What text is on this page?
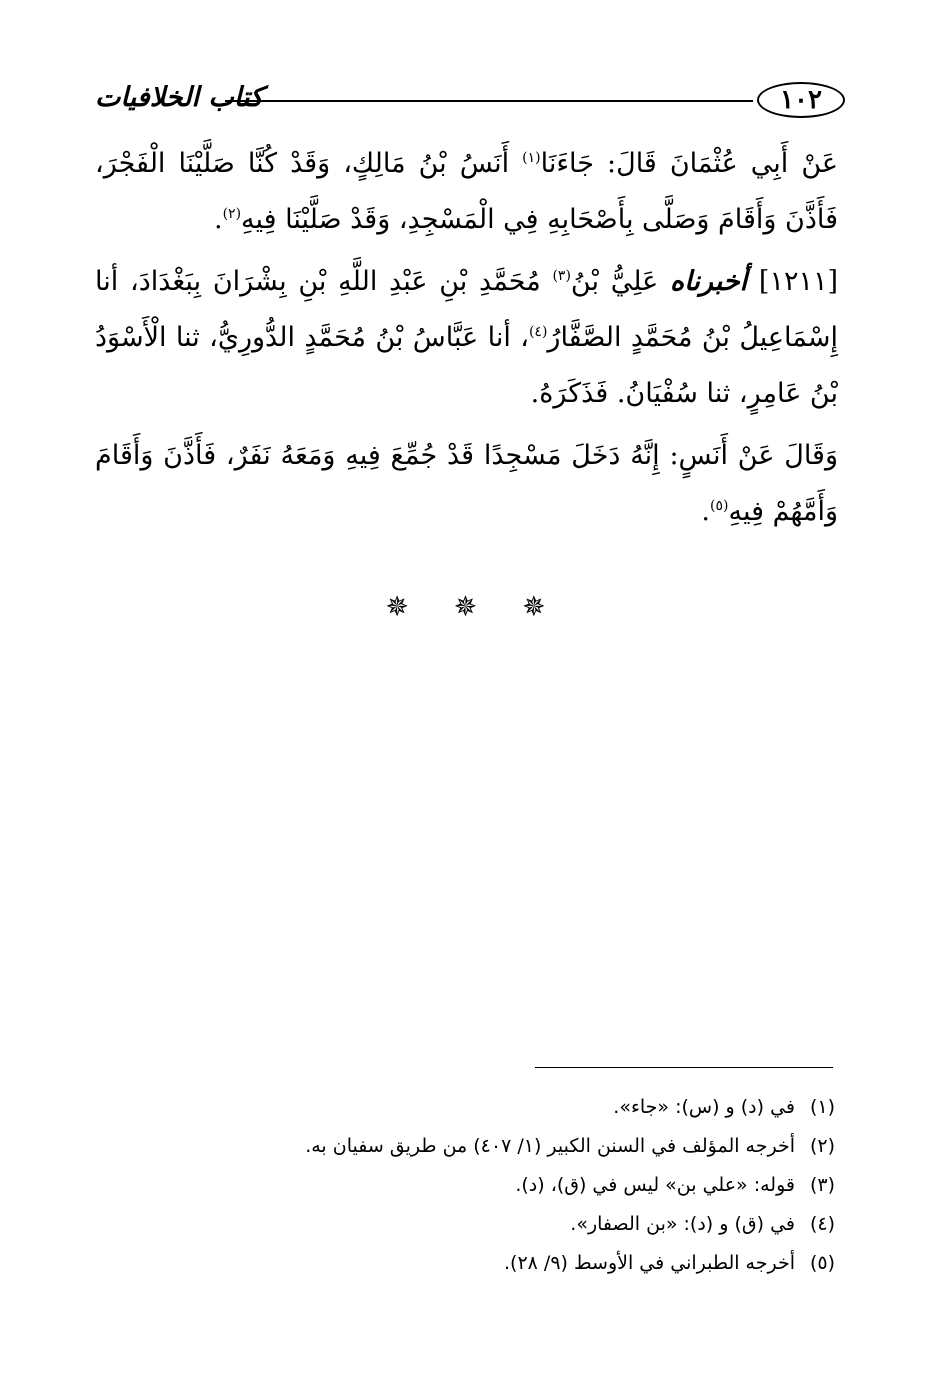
كتاب الخلافيات	١٠٢

عَنْ أَبِي عُثْمَانَ قَالَ: جَاءَنَا$^{(١)}$ أَنَسُ بْنُ مَالِكٍ، وَقَدْ كُنَّا صَلَّيْنَا الْفَجْرَ، فَأَذَّنَ وَأَقَامَ وَصَلَّى بِأَصْحَابِهِ فِي الْمَسْجِدِ، وَقَدْ صَلَّيْنَا فِيهِ$^{(٢)}$.

[١٢١١] أخبرناه عَلِيُّ بْنُ$^{(٣)}$ مُحَمَّدِ بْنِ عَبْدِ اللَّهِ بْنِ بِشْرَانَ بِبَغْدَادَ، أنا إِسْمَاعِيلُ بْنُ مُحَمَّدٍ الصَّفَّارُ$^{(٤)}$، أنا عَبَّاسُ بْنُ مُحَمَّدٍ الدُّورِيُّ، ثنا الْأَسْوَدُ بْنُ عَامِرٍ، ثنا سُفْيَانُ. فَذَكَرَهُ.

وَقَالَ عَنْ أَنَسٍ: إِنَّهُ دَخَلَ مَسْجِدًا قَدْ جُمِّعَ فِيهِ وَمَعَهُ نَفَرٌ، فَأَذَّنَ وَأَقَامَ وَأَمَّهُمْ فِيهِ$^{(٥)}$.

✵ ✵ ✵
(١)في (د) و (س): «جاء».
(٢)أخرجه المؤلف في السنن الكبير (١/ ٤٠٧) من طريق سفيان به.
(٣)قوله: «علي بن» ليس في (ق)، (د).
(٤)في (ق) و (د): «بن الصفار».
(٥)أخرجه الطبراني في الأوسط (٩/ ٢٨).
